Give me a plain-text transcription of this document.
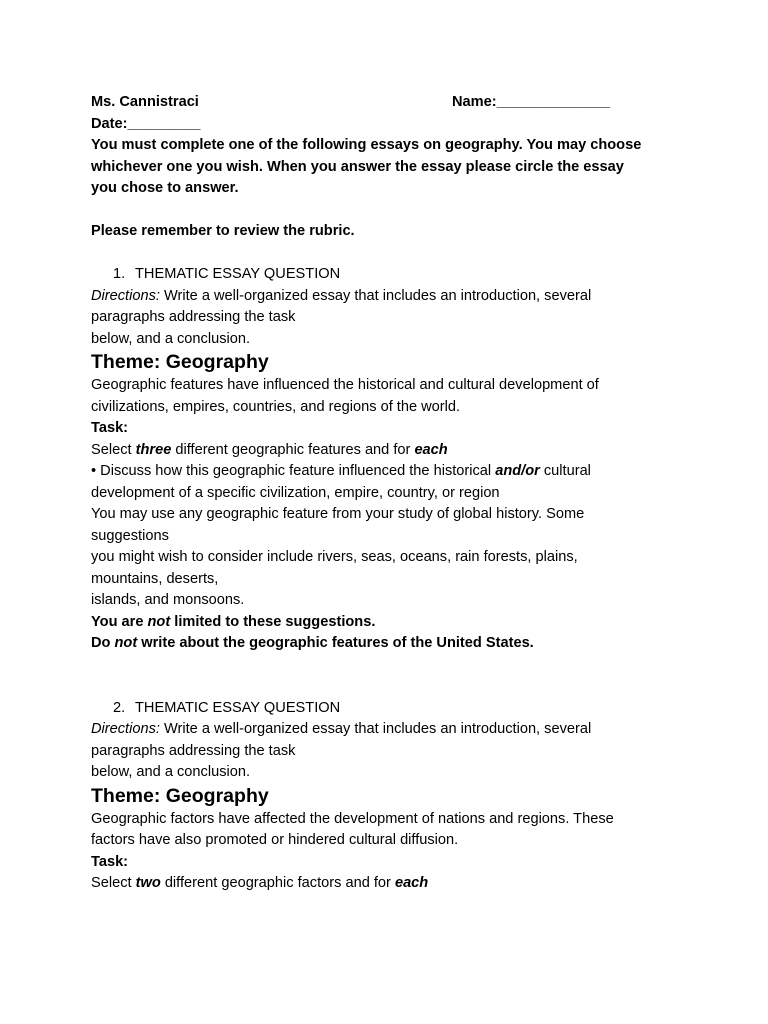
Ms. Cannistraci	Name:______________
Date:_________
You must complete one of the following essays on geography. You may choose
whichever one you wish. When you answer the essay please circle the essay
you chose to answer.
Please remember to review the rubric.
1. THEMATIC ESSAY QUESTION
Directions: Write a well-organized essay that includes an introduction, several
paragraphs addressing the task
below, and a conclusion.
Theme: Geography
Geographic features have influenced the historical and cultural development of
civilizations, empires, countries, and regions of the world.
Task:
Select three different geographic features and for each
• Discuss how this geographic feature influenced the historical and/or cultural
development of a specific civilization, empire, country, or region
You may use any geographic feature from your study of global history. Some
suggestions
you might wish to consider include rivers, seas, oceans, rain forests, plains,
mountains, deserts,
islands, and monsoons.
You are not limited to these suggestions.
Do not write about the geographic features of the United States.
2. THEMATIC ESSAY QUESTION
Directions: Write a well-organized essay that includes an introduction, several
paragraphs addressing the task
below, and a conclusion.
Theme: Geography
Geographic factors have affected the development of nations and regions. These
factors have also promoted or hindered cultural diffusion.
Task:
Select two different geographic factors and for each
